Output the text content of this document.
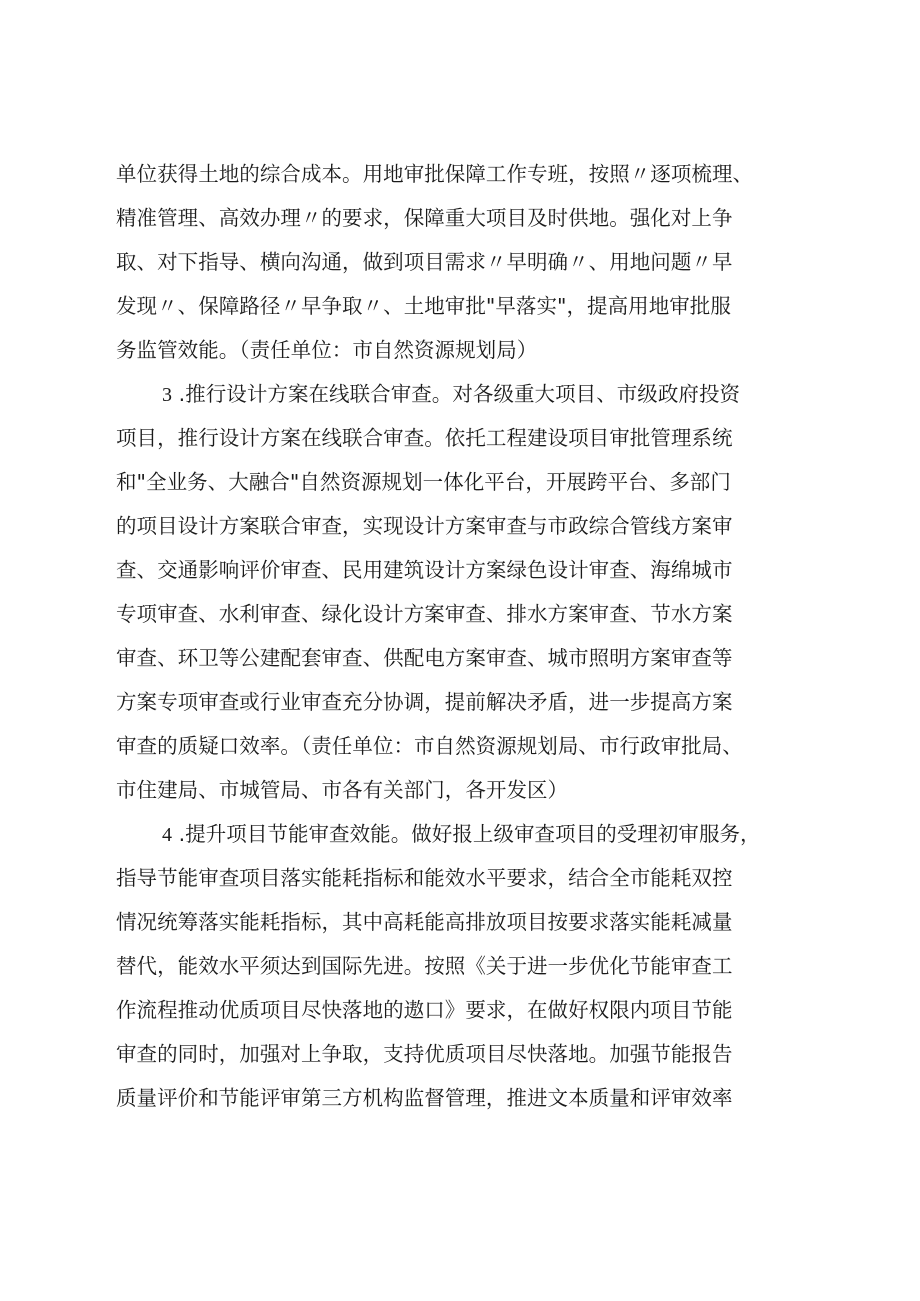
单位获得土地的综合成本。用地审批保障工作专班，按照〃逐项梳理、
精准管理、高效办理〃的要求，保障重大项目及时供地。强化对上争
取、对下指导、横向沟通，做到项目需求〃早明确〃、用地问题〃早
发现〃、保障路径〃早争取〃、土地审批"早落实"，提高用地审批服
务监管效能。（责任单位：市自然资源规划局）
3 .推行设计方案在线联合审查。对各级重大项目、市级政府投资
项目，推行设计方案在线联合审查。依托工程建设项目审批管理系统
和"全业务、大融合"自然资源规划一体化平台，开展跨平台、多部门
的项目设计方案联合审查，实现设计方案审查与市政综合管线方案审
查、交通影响评价审查、民用建筑设计方案绿色设计审查、海绵城市
专项审查、水利审查、绿化设计方案审查、排水方案审查、节水方案
审查、环卫等公建配套审查、供配电方案审查、城市照明方案审查等
方案专项审查或行业审查充分协调，提前解决矛盾，进一步提高方案
审查的质疑口效率。（责任单位：市自然资源规划局、市行政审批局、
市住建局、市城管局、市各有关部门，各开发区）
4 .提升项目节能审查效能。做好报上级审查项目的受理初审服务，
指导节能审查项目落实能耗指标和能效水平要求，结合全市能耗双控
情况统筹落实能耗指标，其中高耗能高排放项目按要求落实能耗减量
替代，能效水平须达到国际先进。按照《关于进一步优化节能审查工
作流程推动优质项目尽快落地的遨口》要求，在做好权限内项目节能
审查的同时，加强对上争取，支持优质项目尽快落地。加强节能报告
质量评价和节能评审第三方机构监督管理，推进文本质量和评审效率
